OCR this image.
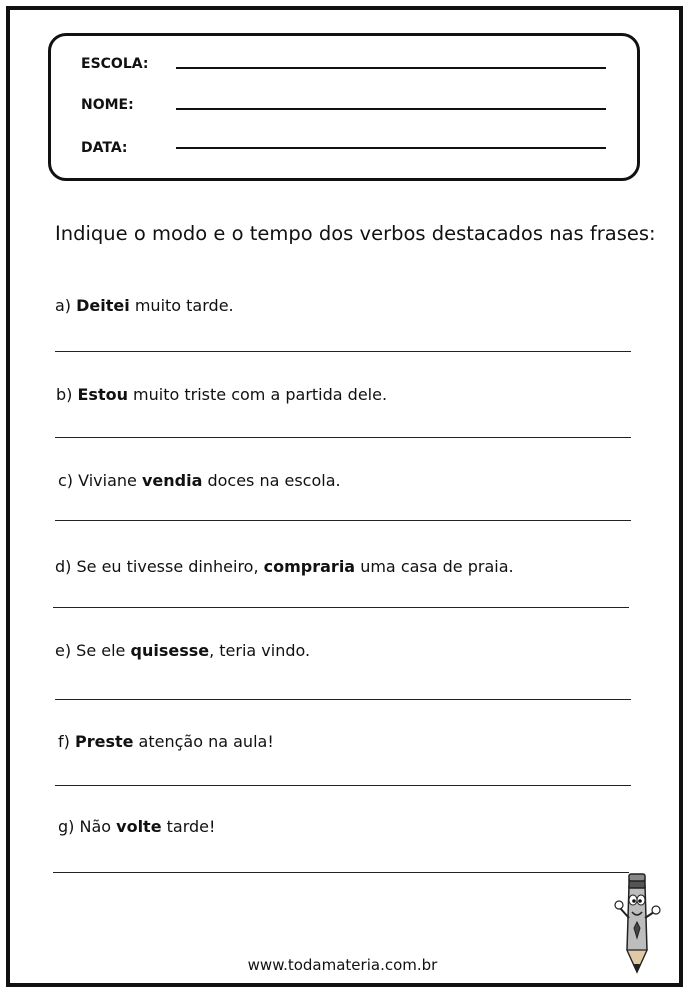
ESCOLA:
NOME:
DATA:
Indique o modo e o tempo dos verbos destacados nas frases:
a) Deitei muito tarde.
b) Estou muito triste com a partida dele.
c) Viviane vendia doces na escola.
d) Se eu tivesse dinheiro, compraria uma casa de praia.
e) Se ele quisesse, teria vindo.
f) Preste atenção na aula!
g) Não volte tarde!
www.todamateria.com.br
